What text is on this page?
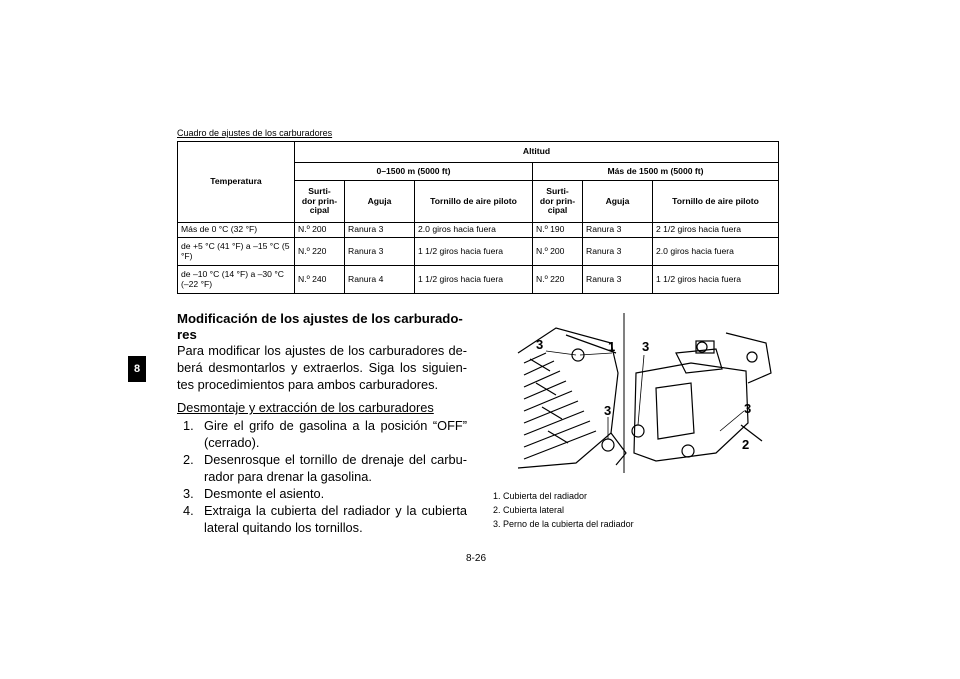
8
Cuadro de ajustes de los carburadores
Temperatura	Altitud					
	0–1500 m (5000 ft)			Más de 1500 m (5000 ft)		
	Surti-
dor prin-
cipal	Aguja	Tornillo de aire piloto	Surti-
dor prin-
cipal	Aguja	Tornillo de aire piloto
Más de 0 °C (32 °F)	N.º 200	Ranura 3	2.0 giros hacia fuera	N.º 190	Ranura 3	2 1/2 giros hacia fuera
de +5 °C (41 °F) a –15 °C (5 °F)	N.º 220	Ranura 3	1 1/2 giros hacia fuera	N.º 200	Ranura 3	2.0 giros hacia fuera
de –10 °C (14 °F) a –30 °C (–22 °F)	N.º 240	Ranura 4	1 1/2 giros hacia fuera	N.º 220	Ranura 3	1 1/2 giros hacia fuera
Modificación de los ajustes de los carburado-res
Para modificar los ajustes de los carburadores de-berá desmontarlos y extraerlos. Siga los siguien-tes procedimientos para ambos carburadores.
Desmontaje y extracción de los carburadores
1. Gire el grifo de gasolina a la posición “OFF” (cerrado).
2. Desenrosque el tornillo de drenaje del carbu-rador para drenar la gasolina.
3. Desmonte el asiento.
4. Extraiga la cubierta del radiador y la cubierta lateral quitando los tornillos.
3	1 3
3	3
2
1. Cubierta del radiador
2. Cubierta lateral
3. Perno de la cubierta del radiador
8-26
